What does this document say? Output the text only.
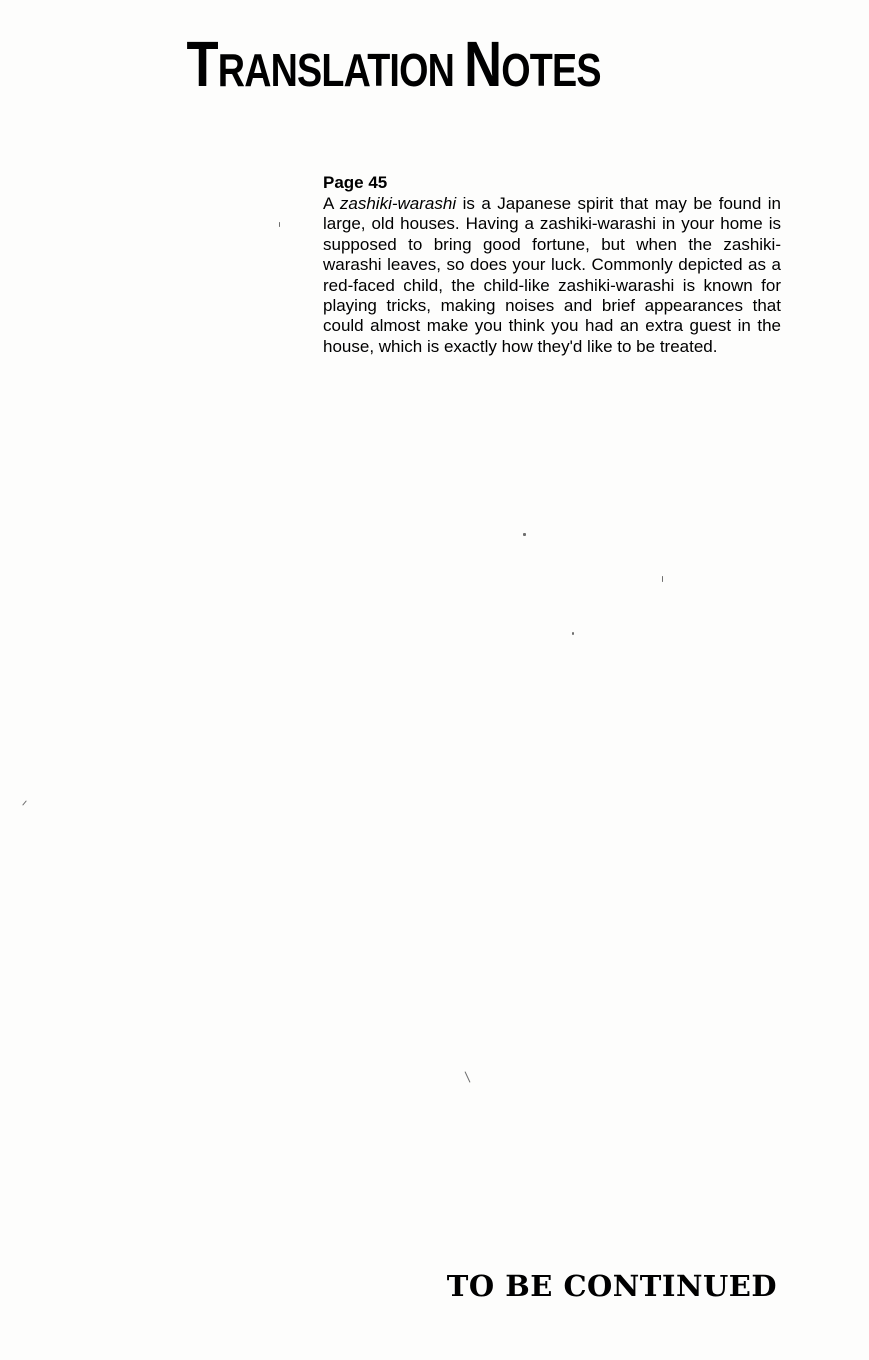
TRANSLATION NOTES

Page 45

A zashiki-warashi is a Japanese spirit that may be found in large, old houses. Having a zashiki-warashi in your home is supposed to bring good fortune, but when the zashiki-warashi leaves, so does your luck. Commonly depicted as a red-faced child, the child-like zashiki-warashi is known for playing tricks, making noises and brief appearances that could almost make you think you had an extra guest in the house, which is exactly how they'd like to be treated.

TO BE CONTINUED
